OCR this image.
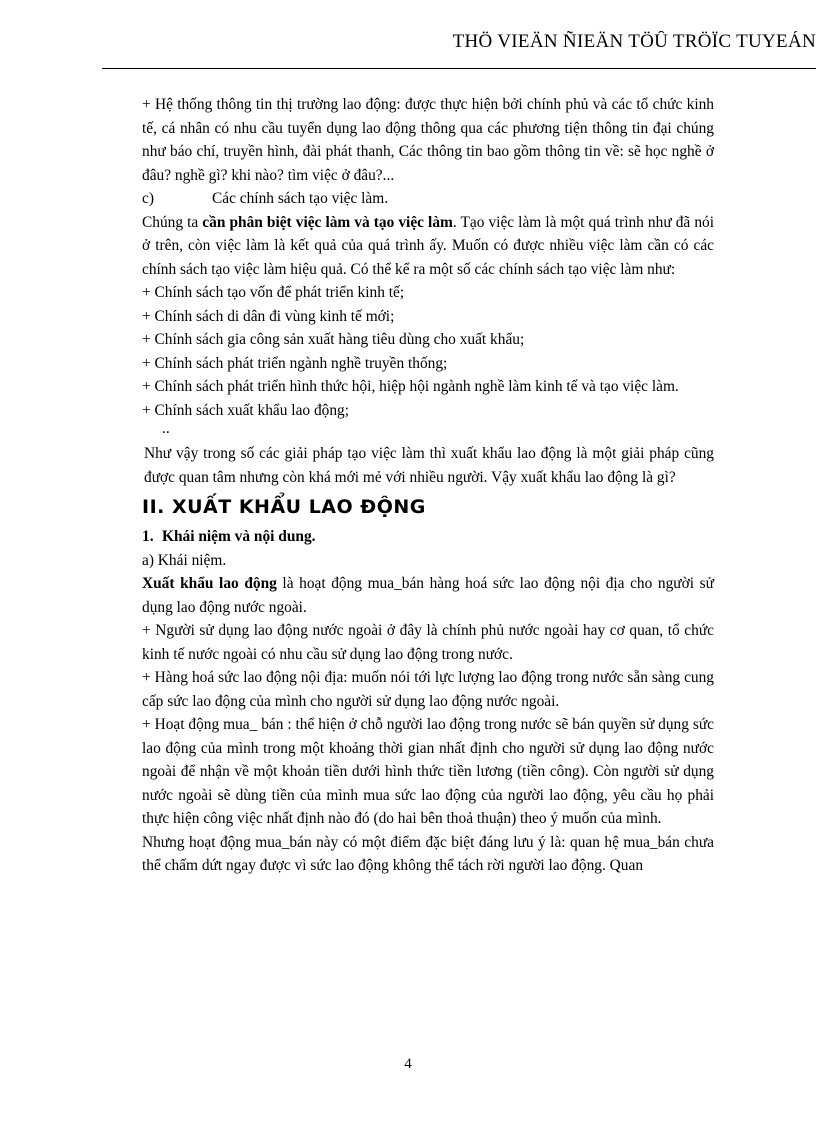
THÖ VIEÄN ÑIEÄN TÖÛ TRÖÏC TUYEÁN

+ Hệ thống thông tin thị trường lao động: được thực hiện bởi chính phủ và các tổ chức kinh tế, cá nhân có nhu cầu tuyển dụng lao động thông qua các phương tiện thông tin đại chúng như báo chí, truyền hình, đài phát thanh, Các thông tin bao gồm thông tin về: sẽ học nghề ở đâu? nghề gì? khi nào? tìm việc ở đâu?...

c)	Các chính sách tạo việc làm.

Chúng ta cần phân biệt việc làm và tạo việc làm. Tạo việc làm là một quá trình như đã nói ở trên, còn việc làm là kết quả của quá trình ấy. Muốn có được nhiều việc làm cần có các chính sách tạo việc làm hiệu quả. Có thể kể ra một số các chính sách tạo việc làm như:

+ Chính sách tạo vốn để phát triển kinh tế;

+ Chính sách di dân đi vùng kinh tế mới;

+ Chính sách gia công sản xuất hàng tiêu dùng cho xuất khẩu;

+ Chính sách phát triển ngành nghề truyền thống;

+ Chính sách phát triển hình thức hội, hiệp hội ngành nghề làm kinh tế và tạo việc làm.

+ Chính sách xuất khẩu lao động;

..

Như vậy trong số các giải pháp tạo việc làm thì xuất khẩu lao động là một giải pháp cũng được quan tâm nhưng còn khá mới mẻ với nhiều người. Vậy xuất khẩu lao động là gì?

II. XUẤT KHẨU LAO ĐỘNG

1. Khái niệm và nội dung.

a) Khái niệm.

Xuất khẩu lao động là hoạt động mua_bán hàng hoá sức lao động nội địa cho người sử dụng lao động nước ngoài.

+ Người sử dụng lao động nước ngoài ở đây là chính phủ nước ngoài hay cơ quan, tổ chức kinh tế nước ngoài có nhu cầu sử dụng lao động trong nước.

+ Hàng hoá sức lao động nội địa: muốn nói tới lực lượng lao động trong nước sẵn sàng cung cấp sức lao động của mình cho người sử dụng lao động nước ngoài.

+ Hoạt động mua_ bán : thể hiện ở chỗ người lao động trong nước sẽ bán quyền sử dụng sức lao động của mình trong một khoảng thời gian nhất định cho người sử dụng lao động nước ngoài để nhận về một khoản tiền dưới hình thức tiền lương (tiền công). Còn người sử dụng nước ngoài sẽ dùng tiền của mình mua sức lao động của người lao động, yêu cầu họ phải thực hiện công việc nhất định nào đó (do hai bên thoả thuận) theo ý muốn của mình.

Nhưng hoạt động mua_bán này có một điểm đặc biệt đáng lưu ý là: quan hệ mua_bán chưa thể chấm dứt ngay được vì sức lao động không thể tách rời người lao động. Quan

4
